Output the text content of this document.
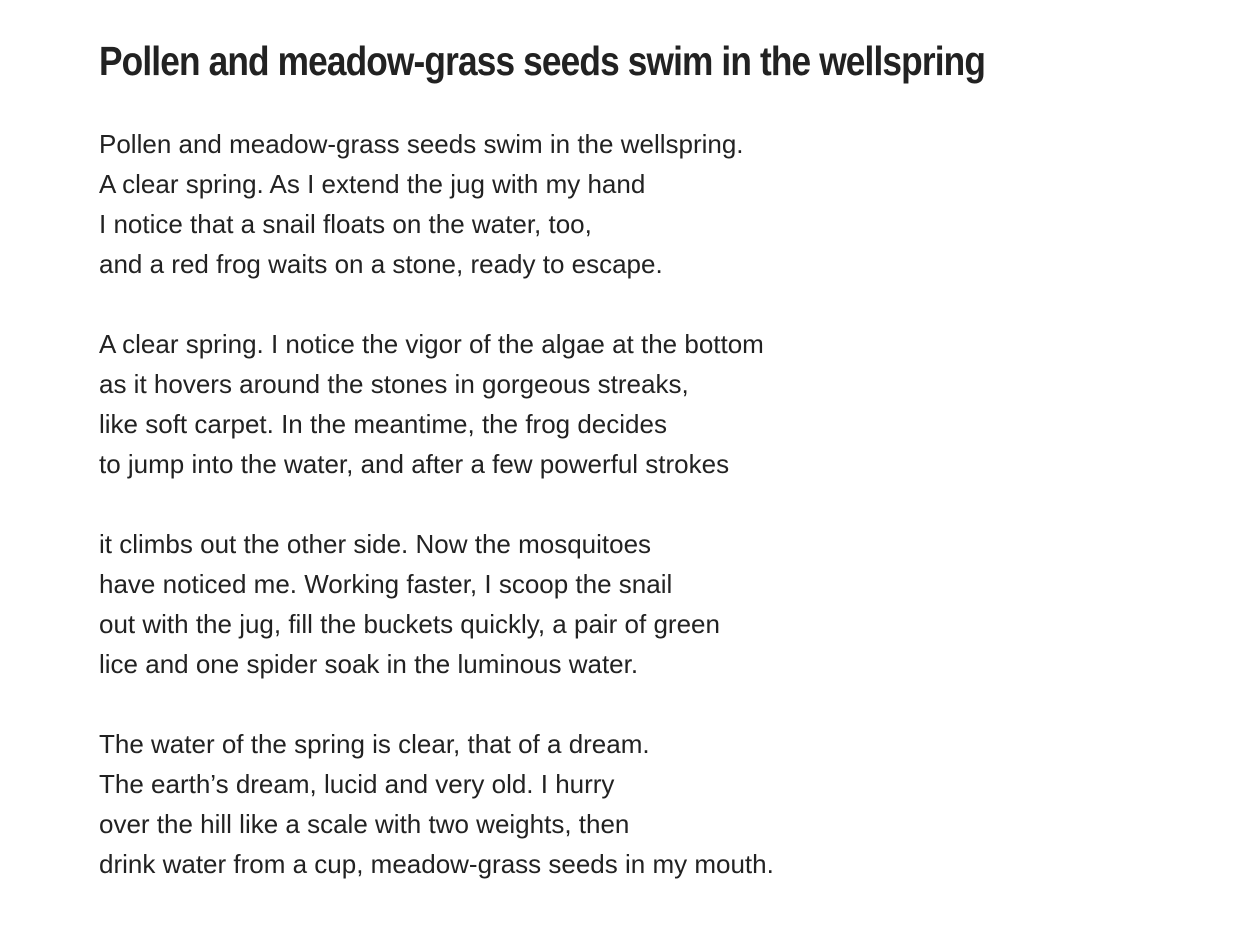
Pollen and meadow-grass seeds swim in the wellspring

Pollen and meadow-grass seeds swim in the wellspring.
A clear spring. As I extend the jug with my hand
I notice that a snail floats on the water, too,
and a red frog waits on a stone, ready to escape.

A clear spring. I notice the vigor of the algae at the bottom
as it hovers around the stones in gorgeous streaks,
like soft carpet. In the meantime, the frog decides
to jump into the water, and after a few powerful strokes

it climbs out the other side. Now the mosquitoes
have noticed me. Working faster, I scoop the snail
out with the jug, fill the buckets quickly, a pair of green
lice and one spider soak in the luminous water.

The water of the spring is clear, that of a dream.
The earth’s dream, lucid and very old. I hurry
over the hill like a scale with two weights, then
drink water from a cup, meadow-grass seeds in my mouth.
